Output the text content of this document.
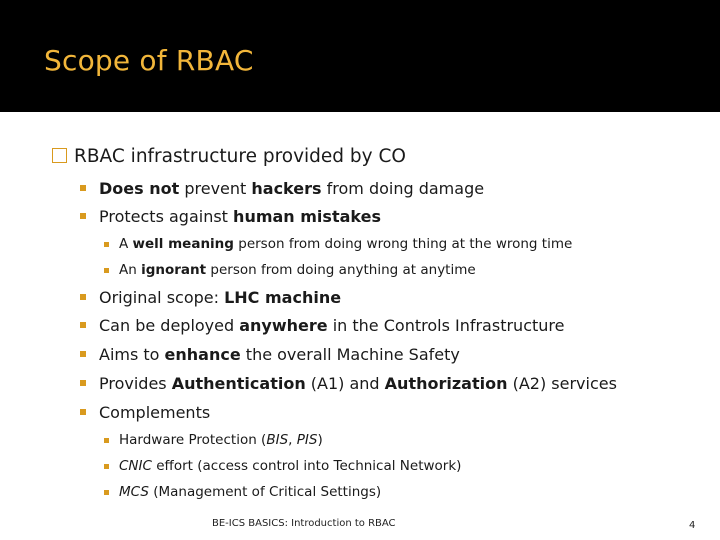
Scope of RBAC
RBAC infrastructure provided by CO
Does not prevent hackers from doing damage
Protects against human mistakes
A well meaning person from doing wrong thing at the wrong time
An ignorant person from doing anything at anytime
Original scope: LHC machine
Can be deployed anywhere in the Controls Infrastructure
Aims to enhance the overall Machine Safety
Provides Authentication (A1) and Authorization (A2) services
Complements
Hardware Protection (BIS, PIS)
CNIC effort (access control into Technical Network)
MCS (Management of Critical Settings)
BE-ICS BASICS: Introduction to RBAC	4
